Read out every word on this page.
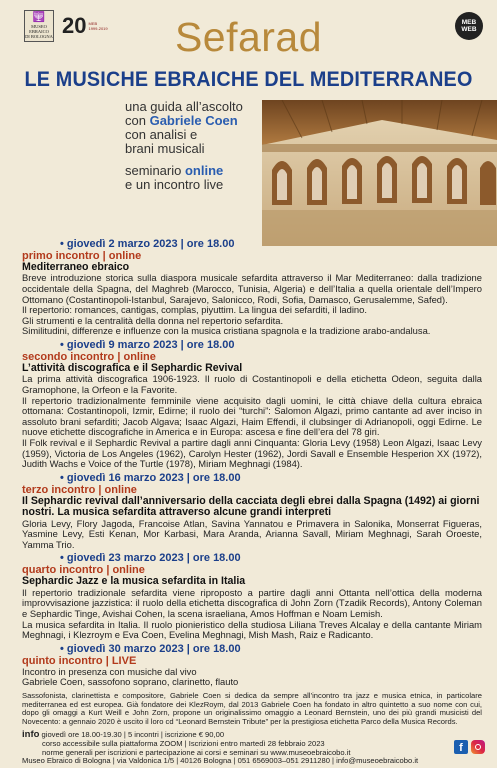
🕎
MUSEO
EBRAICO
DI BOLOGNA 20 MEB
1999-2019
MEB
WEB
Sefarad
LE MUSICHE EBRAICHE DEL MEDITERRANEO
una guida all’ascolto
con Gabriele Coen
con analisi e
brani musicali
seminario online
e un incontro live
• giovedì 2 marzo 2023 | ore 18.00
primo incontro | online
Mediterraneo ebraico
Breve introduzione storica sulla diaspora musicale sefardita attraverso il Mar Mediterraneo: dalla tradizione occidentale della Spagna, del Maghreb (Marocco, Tunisia, Algeria) e dell’Italia a quella orientale dell’Impero Ottomano (Costantinopoli-Istanbul, Sarajevo, Salonicco, Rodi, Sofia, Damasco, Gerusalemme, Safed).
Il repertorio: romances, cantigas, complas, piyuttim. La lingua dei sefarditi, il ladino.
Gli strumenti e la centralità della donna nel repertorio sefardita.
Similitudini, differenze e influenze con la musica cristiana spagnola e la tradizione arabo-andalusa.
• giovedì 9 marzo 2023 | ore 18.00
secondo incontro | online
L’attività discografica e il Sephardic Revival
La prima attività discografica 1906-1923. Il ruolo di Costantinopoli e della etichetta Odeon, seguita dalla Gramophone, la Orfeon e la Favorite.
Il repertorio tradizionalmente femminile viene acquisito dagli uomini, le città chiave della cultura ebraica ottomana: Costantinopoli, Izmir, Edirne; il ruolo dei “turchi”: Salomon Algazi, primo cantante ad aver inciso in assoluto brani sefarditi; Jacob Algava; Isaac Algazi, Haim Effendi, il clubsinger di Adrianopoli, oggi Edirne. Le nuove etichette discografiche in America e in Europa: ascesa e fine dell’era del 78 giri.
Il Folk revival e il Sephardic Revival a partire dagli anni Cinquanta: Gloria Levy (1958) Leon Algazi, Isaac Levy (1959), Victoria de Los Angeles (1962), Carolyn Hester (1962), Jordi Savall e Ensemble Hesperion XX (1972), Judith Wachs e Voice of the Turtle (1978), Miriam Meghnagi (1984).
• giovedì 16 marzo 2023 | ore 18.00
terzo incontro | online
Il Sephardic revival dall’anniversario della cacciata degli ebrei dalla Spagna (1492) ai giorni nostri. La musica sefardita attraverso alcune grandi interpreti
Gloria Levy, Flory Jagoda, Francoise Atlan, Savina Yannatou e Primavera in Salonika, Monserrat Figueras, Yasmine Levy, Esti Kenan, Mor Karbasi, Mara Aranda, Arianna Savall, Miriam Meghnagi, Sarah Oroeste, Yamma Trio.
• giovedì 23 marzo 2023 | ore 18.00
quarto incontro | online
Sephardic Jazz e la musica sefardita in Italia
Il repertorio tradizionale sefardita viene riproposto a partire dagli anni Ottanta nell’ottica della moderna improvvisazione jazzistica: il ruolo della etichetta discografica di John Zorn (Tzadik Records), Antony Coleman e Sephardic Tinge, Avishai Cohen, la scena israeliana, Amos Hoffman e Noam Lemish.
La musica sefardita in Italia. Il ruolo pionieristico della studiosa Liliana Treves Alcalay e della cantante Miriam Meghnagi, i Klezroym e Eva Coen, Evelina Meghnagi, Mish Mash, Raiz e Radicanto.
• giovedì 30 marzo 2023 | ore 18.00
quinto incontro | LIVE
Incontro in presenza con musiche dal vivo
Gabriele Coen, sassofono soprano, clarinetto, flauto
Sassofonista, clarinettista e compositore, Gabriele Coen si dedica da sempre all’incontro tra jazz e musica etnica, in particolare mediterranea ed est europea. Già fondatore dei KlezRoym, dal 2013 Gabriele Coen ha fondato in altro quintetto a suo nome con cui, dopo gli omaggi a Kurt Weill e John Zorn, propone un originalissimo omaggio a Leonard Bernstein, uno dei più grandi musicisti del Novecento: a gennaio 2020 è uscito il loro cd “Leonard Bernstein Tribute” per la prestigiosa etichetta Parco della Musica Records.
info giovedì ore 18.00-19.30 | 5 incontri | iscrizione € 90,00
corso accessibile sulla piattaforma ZOOM | Iscrizioni entro martedì 28 febbraio 2023
norme generali per iscrizioni e partecipazione ai corsi e seminari su www.museoebraicobo.it
Museo Ebraico di Bologna | via Valdonica 1/5 | 40126 Bologna | 051 6569003–051 2911280 | info@museoebraicobo.it
f
